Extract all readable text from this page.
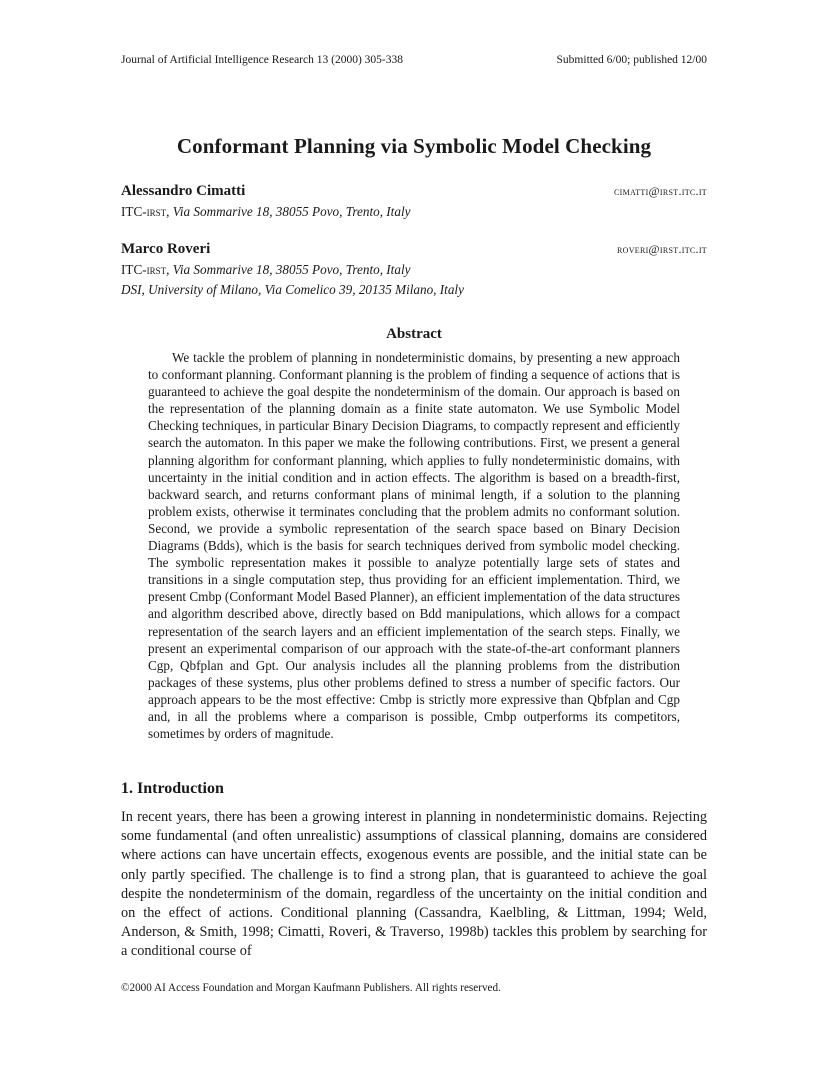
Journal of Artificial Intelligence Research 13 (2000) 305-338	Submitted 6/00; published 12/00
Conformant Planning via Symbolic Model Checking
Alessandro Cimatti	cimatti@irst.itc.it
ITC-irst, Via Sommarive 18, 38055 Povo, Trento, Italy
Marco Roveri	roveri@irst.itc.it
ITC-irst, Via Sommarive 18, 38055 Povo, Trento, Italy
DSI, University of Milano, Via Comelico 39, 20135 Milano, Italy
Abstract

We tackle the problem of planning in nondeterministic domains, by presenting a new approach to conformant planning. Conformant planning is the problem of finding a sequence of actions that is guaranteed to achieve the goal despite the nondeterminism of the domain. Our approach is based on the representation of the planning domain as a finite state automaton. We use Symbolic Model Checking techniques, in particular Binary Decision Diagrams, to compactly represent and efficiently search the automaton. In this paper we make the following contributions. First, we present a general planning algorithm for conformant planning, which applies to fully nondeterministic domains, with uncertainty in the initial condition and in action effects. The algorithm is based on a breadth-first, backward search, and returns conformant plans of minimal length, if a solution to the planning problem exists, otherwise it terminates concluding that the problem admits no conformant solution. Second, we provide a symbolic representation of the search space based on Binary Decision Diagrams (Bdds), which is the basis for search techniques derived from symbolic model checking. The symbolic representation makes it possible to analyze potentially large sets of states and transitions in a single computation step, thus providing for an efficient implementation. Third, we present Cmbp (Conformant Model Based Planner), an efficient implementation of the data structures and algorithm described above, directly based on Bdd manipulations, which allows for a compact representation of the search layers and an efficient implementation of the search steps. Finally, we present an experimental comparison of our approach with the state-of-the-art conformant planners Cgp, Qbfplan and Gpt. Our analysis includes all the planning problems from the distribution packages of these systems, plus other problems defined to stress a number of specific factors. Our approach appears to be the most effective: Cmbp is strictly more expressive than Qbfplan and Cgp and, in all the problems where a comparison is possible, Cmbp outperforms its competitors, sometimes by orders of magnitude.

1. Introduction

In recent years, there has been a growing interest in planning in nondeterministic domains. Rejecting some fundamental (and often unrealistic) assumptions of classical planning, domains are considered where actions can have uncertain effects, exogenous events are possible, and the initial state can be only partly specified. The challenge is to find a strong plan, that is guaranteed to achieve the goal despite the nondeterminism of the domain, regardless of the uncertainty on the initial condition and on the effect of actions. Conditional planning (Cassandra, Kaelbling, & Littman, 1994; Weld, Anderson, & Smith, 1998; Cimatti, Roveri, & Traverso, 1998b) tackles this problem by searching for a conditional course of

©2000 AI Access Foundation and Morgan Kaufmann Publishers. All rights reserved.
